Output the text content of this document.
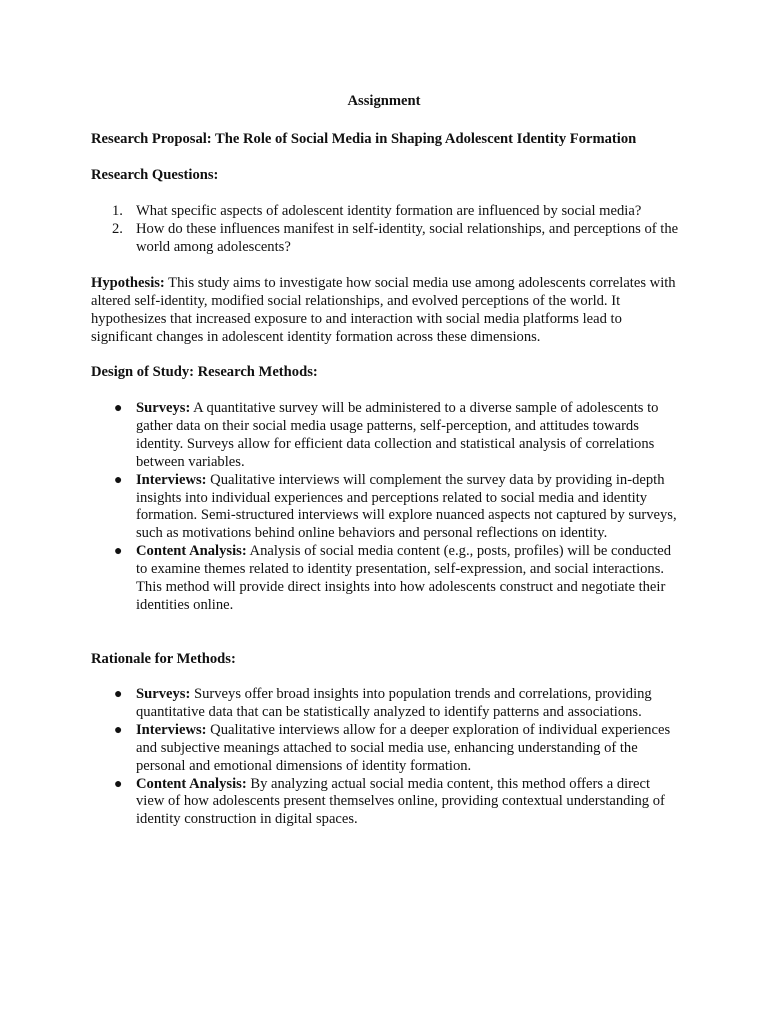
Assignment

Research Proposal: The Role of Social Media in Shaping Adolescent Identity Formation

Research Questions:

1. What specific aspects of adolescent identity formation are influenced by social media?
2. How do these influences manifest in self-identity, social relationships, and perceptions of the world among adolescents?

Hypothesis: This study aims to investigate how social media use among adolescents correlates with altered self-identity, modified social relationships, and evolved perceptions of the world. It hypothesizes that increased exposure to and interaction with social media platforms lead to significant changes in adolescent identity formation across these dimensions.

Design of Study: Research Methods:

● Surveys: A quantitative survey will be administered to a diverse sample of adolescents to gather data on their social media usage patterns, self-perception, and attitudes towards identity. Surveys allow for efficient data collection and statistical analysis of correlations between variables.
● Interviews: Qualitative interviews will complement the survey data by providing in-depth insights into individual experiences and perceptions related to social media and identity formation. Semi-structured interviews will explore nuanced aspects not captured by surveys, such as motivations behind online behaviors and personal reflections on identity.
● Content Analysis: Analysis of social media content (e.g., posts, profiles) will be conducted to examine themes related to identity presentation, self-expression, and social interactions. This method will provide direct insights into how adolescents construct and negotiate their identities online.

Rationale for Methods:

● Surveys: Surveys offer broad insights into population trends and correlations, providing quantitative data that can be statistically analyzed to identify patterns and associations.
● Interviews: Qualitative interviews allow for a deeper exploration of individual experiences and subjective meanings attached to social media use, enhancing understanding of the personal and emotional dimensions of identity formation.
● Content Analysis: By analyzing actual social media content, this method offers a direct view of how adolescents present themselves online, providing contextual understanding of identity construction in digital spaces.
